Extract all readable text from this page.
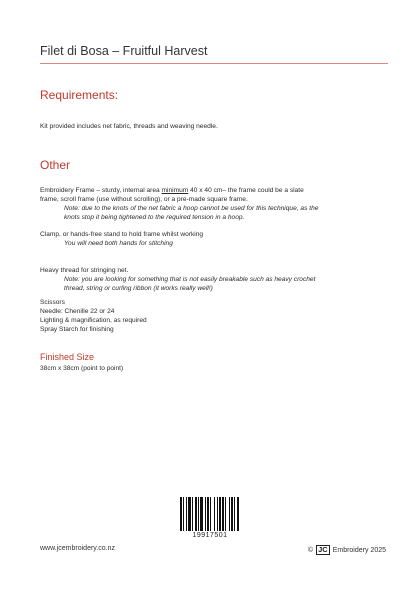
Filet di Bosa – Fruitful Harvest
Requirements:
Kit provided includes net fabric, threads and weaving needle.
Other
Embroidery Frame – sturdy, internal area minimum 40 x 40 cm– the frame could be a slate
frame, scroll frame (use without scrolling), or a pre-made square frame.
Note: due to the knots of the net fabric a hoop cannot be used for this technique, as the
knots stop it being tightened to the required tension in a hoop.
Clamp, or hands-free stand to hold frame whilst working
You will need both hands for stitching
Heavy thread for stringing net.
Note: you are looking for something that is not easily breakable such as heavy crochet
thread, string or curling ribbon (it works really well!)
Scissors
Needle: Chenille 22 or 24
Lighting & magnification, as required
Spray Starch for finishing
Finished Size
38cm x 38cm (point to point)
19917501
www.jcembroidery.co.nz	© JC Embroidery 2025
